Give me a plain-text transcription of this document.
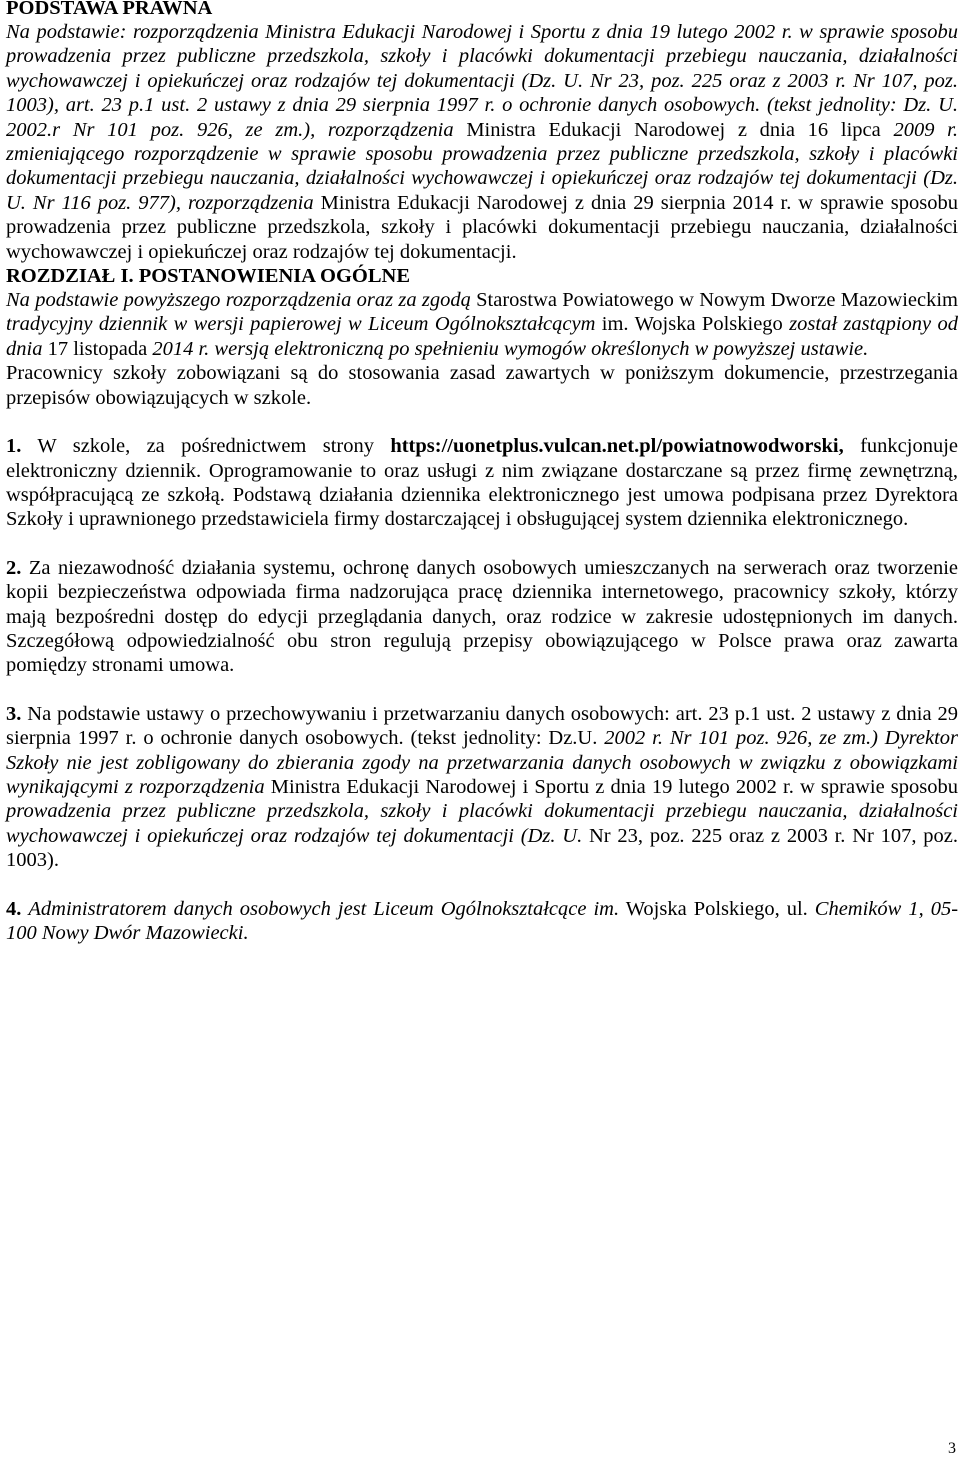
PODSTAWA PRAWNA

Na podstawie: rozporządzenia Ministra Edukacji Narodowej i Sportu z dnia 19 lutego 2002 r. w sprawie sposobu prowadzenia przez publiczne przedszkola, szkoły i placówki dokumentacji przebiegu nauczania, działalności wychowawczej i opiekuńczej oraz rodzajów tej dokumentacji (Dz. U. Nr 23, poz. 225 oraz z 2003 r. Nr 107, poz. 1003), art. 23 p.1 ust. 2 ustawy z dnia 29 sierpnia 1997 r. o ochronie danych osobowych. (tekst jednolity: Dz. U. 2002.r Nr 101 poz. 926, ze zm.), rozporządzenia Ministra Edukacji Narodowej z dnia 16 lipca 2009 r. zmieniającego rozporządzenie w sprawie sposobu prowadzenia przez publiczne przedszkola, szkoły i placówki dokumentacji przebiegu nauczania, działalności wychowawczej i opiekuńczej oraz rodzajów tej dokumentacji (Dz. U. Nr 116 poz. 977), rozporządzenia Ministra Edukacji Narodowej z dnia 29 sierpnia 2014 r. w sprawie sposobu prowadzenia przez publiczne przedszkola, szkoły i placówki dokumentacji przebiegu nauczania, działalności wychowawczej i opiekuńczej oraz rodzajów tej dokumentacji.

ROZDZIAŁ I. POSTANOWIENIA OGÓLNE

Na podstawie powyższego rozporządzenia oraz za zgodą Starostwa Powiatowego w Nowym Dworze Mazowieckim tradycyjny dziennik w wersji papierowej w Liceum Ogólnokształcącym im. Wojska Polskiego został zastąpiony od dnia 17 listopada 2014 r. wersją elektroniczną po spełnieniu wymogów określonych w powyższej ustawie.

Pracownicy szkoły zobowiązani są do stosowania zasad zawartych w poniższym dokumencie, przestrzegania przepisów obowiązujących w szkole.

1. W szkole, za pośrednictwem strony https://uonetplus.vulcan.net.pl/powiatnowodworski, funkcjonuje elektroniczny dziennik. Oprogramowanie to oraz usługi z nim związane dostarczane są przez firmę zewnętrzną, współpracującą ze szkołą. Podstawą działania dziennika elektronicznego jest umowa podpisana przez Dyrektora Szkoły i uprawnionego przedstawiciela firmy dostarczającej i obsługującej system dziennika elektronicznego.

2. Za niezawodność działania systemu, ochronę danych osobowych umieszczanych na serwerach oraz tworzenie kopii bezpieczeństwa odpowiada firma nadzorująca pracę dziennika internetowego, pracownicy szkoły, którzy mają bezpośredni dostęp do edycji przeglądania danych, oraz rodzice w zakresie udostępnionych im danych. Szczegółową odpowiedzialność obu stron regulują przepisy obowiązującego w Polsce prawa oraz zawarta pomiędzy stronami umowa.

3. Na podstawie ustawy o przechowywaniu i przetwarzaniu danych osobowych: art. 23 p.1 ust. 2 ustawy z dnia 29 sierpnia 1997 r. o ochronie danych osobowych. (tekst jednolity: Dz.U. 2002 r. Nr 101 poz. 926, ze zm.) Dyrektor Szkoły nie jest zobligowany do zbierania zgody na przetwarzania danych osobowych w związku z obowiązkami wynikającymi z rozporządzenia Ministra Edukacji Narodowej i Sportu z dnia 19 lutego 2002 r. w sprawie sposobu prowadzenia przez publiczne przedszkola, szkoły i placówki dokumentacji przebiegu nauczania, działalności wychowawczej i opiekuńczej oraz rodzajów tej dokumentacji (Dz. U. Nr 23, poz. 225 oraz z 2003 r. Nr 107, poz. 1003).

4. Administratorem danych osobowych jest Liceum Ogólnokształcące im. Wojska Polskiego, ul. Chemików 1, 05-100 Nowy Dwór Mazowiecki.

3
